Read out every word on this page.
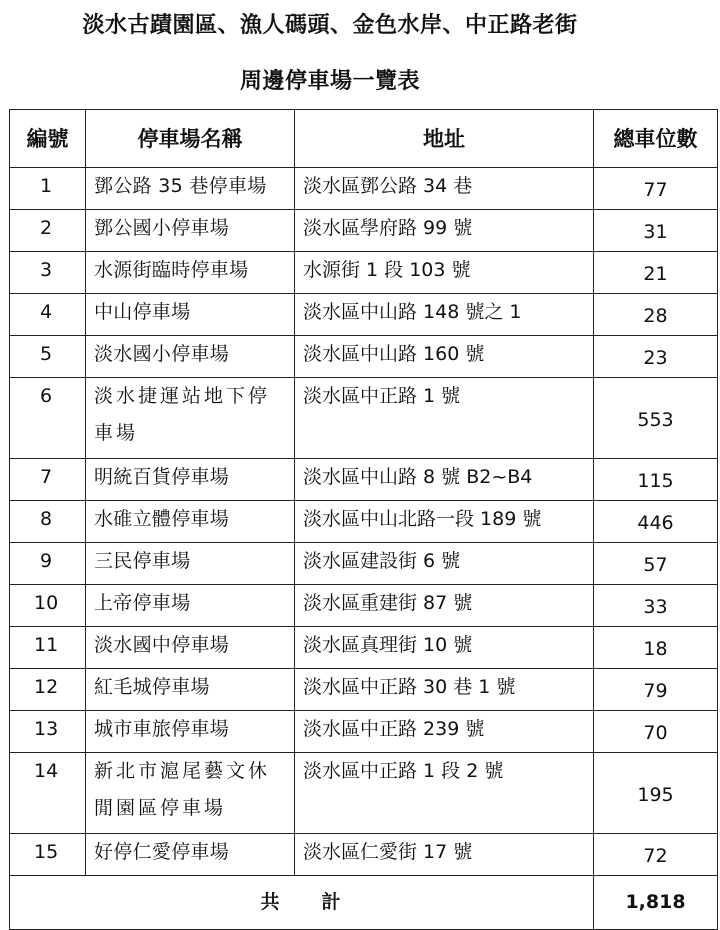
淡水古蹟園區、漁人碼頭、金色水岸、中正路老街
周邊停車場一覽表
編號	停車場名稱	地址	總車位數
1	鄧公路 35 巷停車場	淡水區鄧公路 34 巷	77
2	鄧公國小停車場	淡水區學府路 99 號	31
3	水源街臨時停車場	水源街 1 段 103 號	21
4	中山停車場	淡水區中山路 148 號之 1	28
5	淡水國小停車場	淡水區中山路 160 號	23
6	淡水捷運站地下停車場	淡水區中正路 1 號	553
7	明統百貨停車場	淡水區中山路 8 號 B2~B4	115
8	水碓立體停車場	淡水區中山北路一段 189 號	446
9	三民停車場	淡水區建設街 6 號	57
10	上帝停車場	淡水區重建街 87 號	33
11	淡水國中停車場	淡水區真理街 10 號	18
12	紅毛城停車場	淡水區中正路 30 巷 1 號	79
13	城市車旅停車場	淡水區中正路 239 號	70
14	新北市滬尾藝文休閒園區停車場	淡水區中正路 1 段 2 號	195
15	好停仁愛停車場	淡水區仁愛街 17 號	72
共 計			1,818
